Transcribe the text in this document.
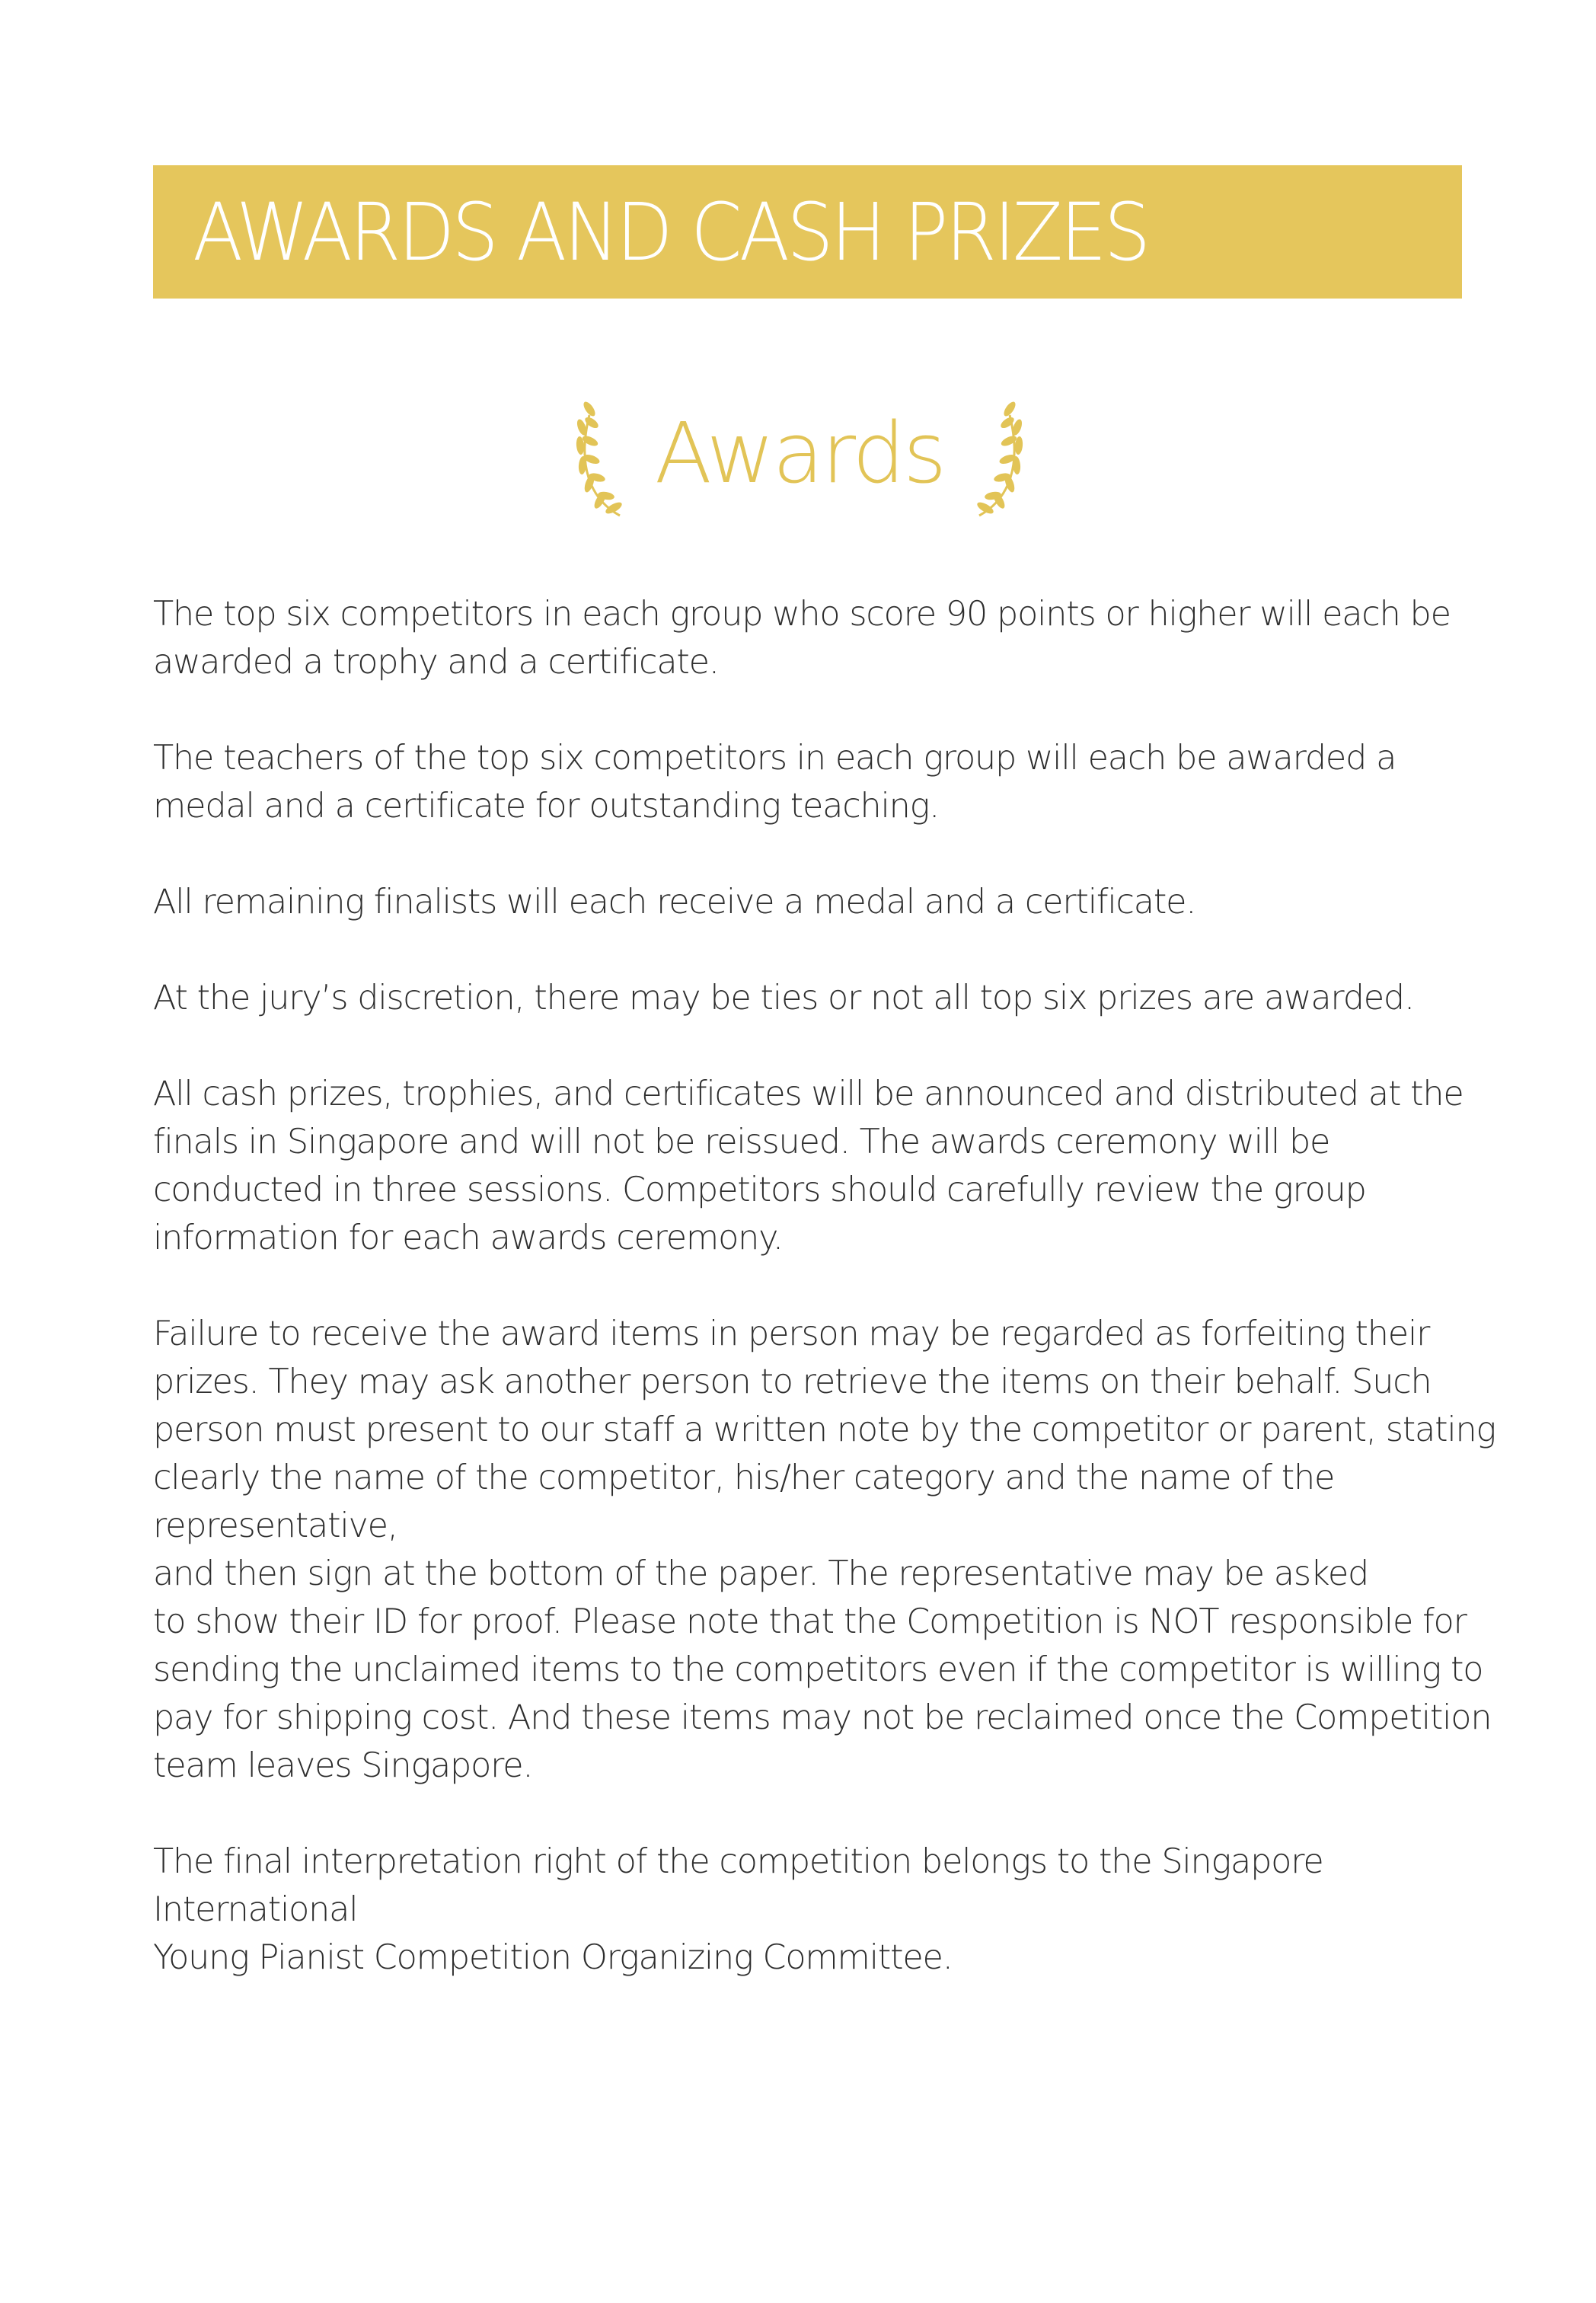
AWARDS AND CASH PRIZES
Awards

The top six competitors in each group who score 90 points or higher will each be
awarded a trophy and a certificate.

The teachers of the top six competitors in each group will each be awarded a
medal and a certificate for outstanding teaching.

All remaining finalists will each receive a medal and a certificate.

At the jury’s discretion, there may be ties or not all top six prizes are awarded.

All cash prizes, trophies, and certificates will be announced and distributed at the
finals in Singapore and will not be reissued. The awards ceremony will be
conducted in three sessions. Competitors should carefully review the group
information for each awards ceremony.

Failure to receive the award items in person may be regarded as forfeiting their
prizes. They may ask another person to retrieve the items on their behalf. Such
person must present to our staff a written note by the competitor or parent, stating
clearly the name of the competitor, his/her category and the name of the representative,
and then sign at the bottom of the paper. The representative may be asked
to show their ID for proof. Please note that the Competition is NOT responsible for
sending the unclaimed items to the competitors even if the competitor is willing to
pay for shipping cost. And these items may not be reclaimed once the Competition
team leaves Singapore.

The final interpretation right of the competition belongs to the Singapore International
Young Pianist Competition Organizing Committee.
